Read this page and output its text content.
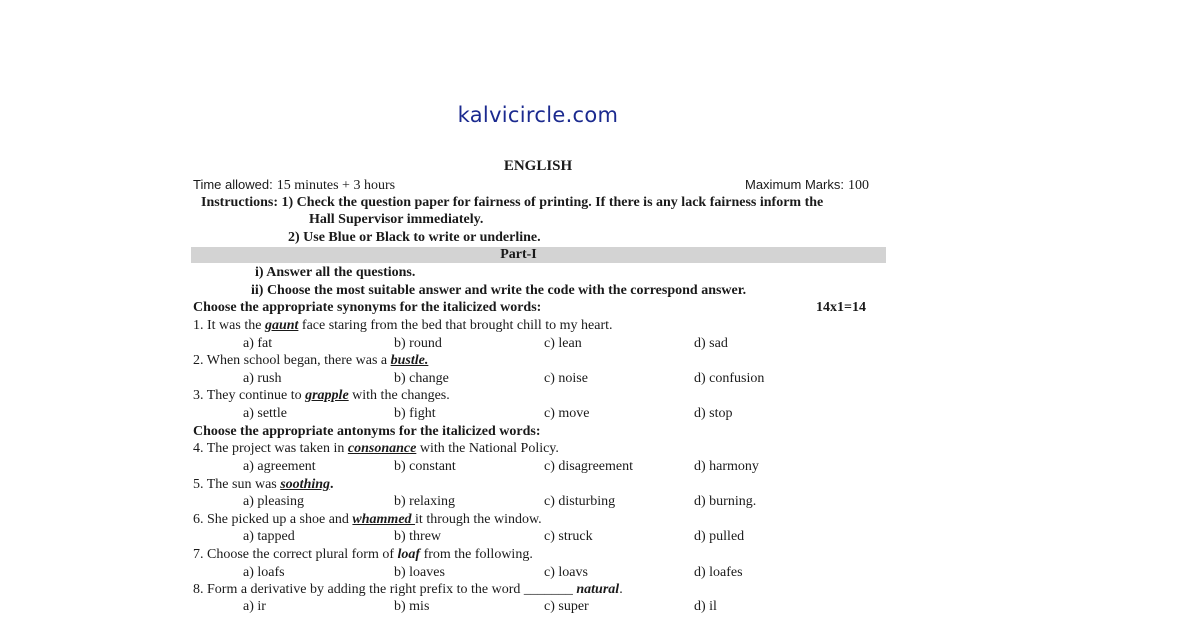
kalvicircle.com
ENGLISH
Time allowed: 15 minutes + 3 hours	Maximum Marks: 100
Instructions: 1) Check the question paper for fairness of printing. If there is any lack fairness inform the
Hall Supervisor immediately.
2) Use Blue or Black to write or underline.
Part-I
i) Answer all the questions.
ii) Choose the most suitable answer and write the code with the correspond answer.
Choose the appropriate synonyms for the italicized words:	14x1=14
1. It was the gaunt face staring from the bed that brought chill to my heart.
a) fat	b) round	c) lean	d) sad
2. When school began, there was a bustle.
a) rush	b) change	c) noise	d) confusion
3. They continue to grapple with the changes.
a) settle	b) fight	c) move	d) stop
Choose the appropriate antonyms for the italicized words:
4. The project was taken in consonance with the National Policy.
a) agreement	b) constant	c) disagreement	d) harmony
5. The sun was soothing.
a) pleasing	b) relaxing	c) disturbing	d) burning.
6. She picked up a shoe and whammed it through the window.
a) tapped	b) threw	c) struck	d) pulled
7. Choose the correct plural form of loaf from the following.
a) loafs	b) loaves	c) loavs	d) loafes
8. Form a derivative by adding the right prefix to the word _______ natural.
a) ir	b) mis	c) super	d) il
